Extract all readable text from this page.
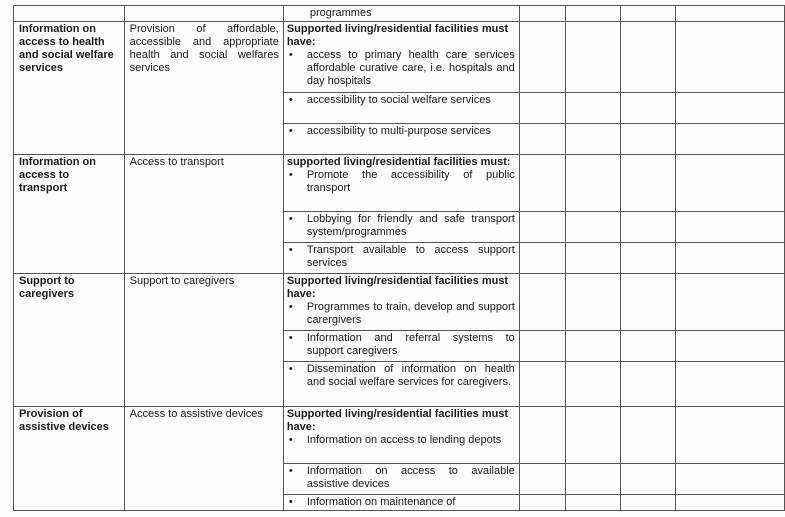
		programmes				
Information on access to health and social welfare services	Provision of affordable, accessible and appropriate health and social welfares services	Supported living/residential facilities must have:
• access to primary health care services affordable curative care, i.e. hospitals and day hospitals				

		• accessibility to social welfare services				

		• accessibility to multi-purpose services				

Information on access to transport	Access to transport	supported living/residential facilities must:
• Promote the accessibility of public transport				

		• Lobbying for friendly and safe transport system/programmes				

		• Transport available to access support services				

Support to caregivers	Support to caregivers	Supported living/residential facilities must have:
• Programmes to train, develop and support carergivers				

		• Information and referral systems to support caregivers				

		• Dissemination of information on health and social welfare services for caregivers.				

Provision of assistive devices	Access to assistive devices	Supported living/residential facilities must have:
• Information on access to lending depots				

		• Information on access to available assistive devices				

		• Information on maintenance of				
